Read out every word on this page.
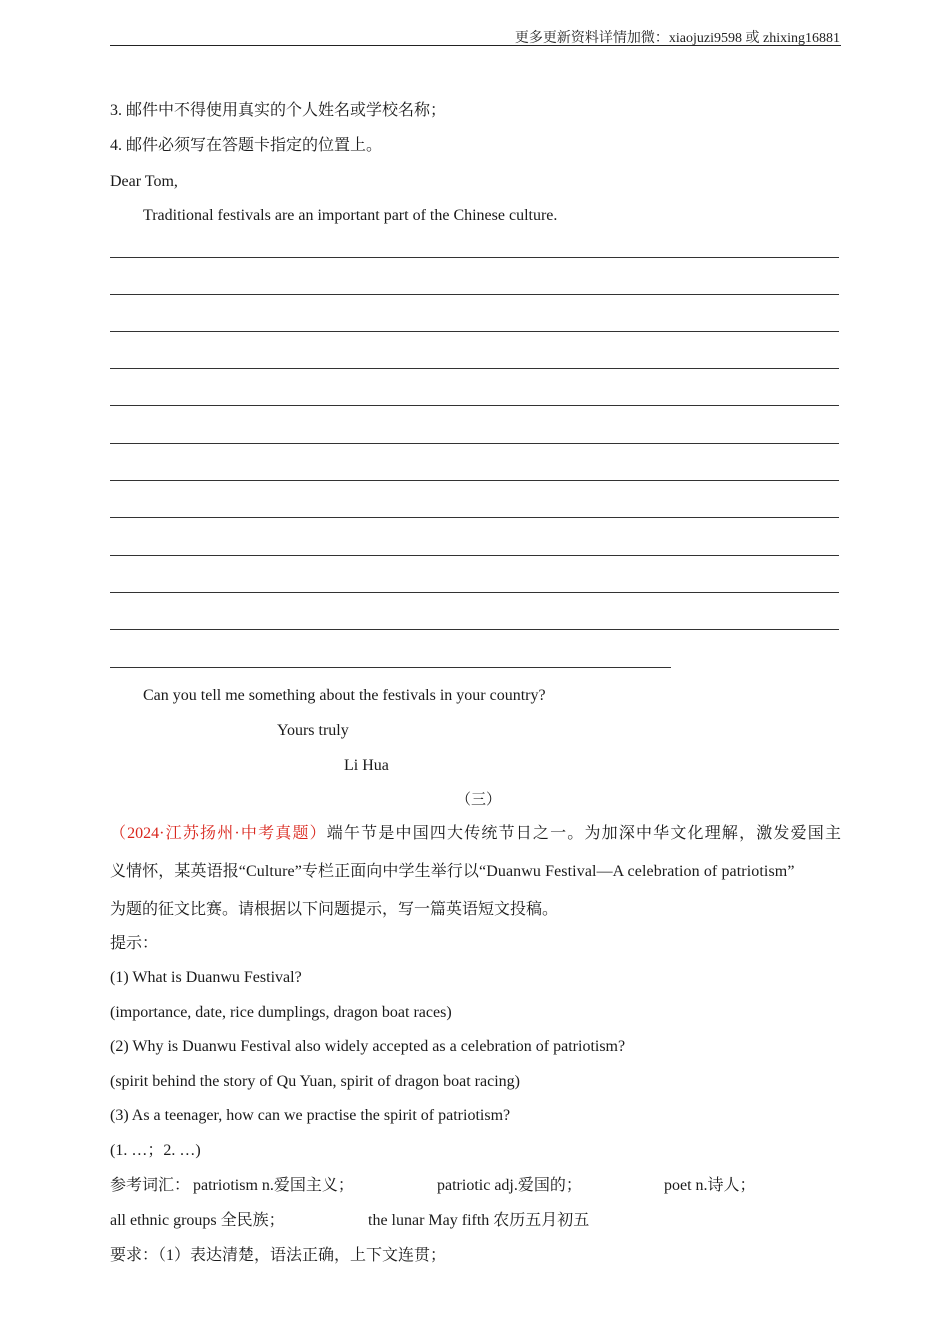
更多更新资料详情加微：xiaojuzi9598 或 zhixing16881
3. 邮件中不得使用真实的个人姓名或学校名称；
4. 邮件必须写在答题卡指定的位置上。
Dear Tom,
Traditional festivals are an important part of the Chinese culture.
Can you tell me something about the festivals in your country?
Yours truly
Li Hua
（三）
（2024·江苏扬州·中考真题）端午节是中国四大传统节日之一。为加深中华文化理解，激发爱国主
义情怀，某英语报“Culture”专栏正面向中学生举行以“Duanwu Festival—A celebration of patriotism”
为题的征文比赛。请根据以下问题提示，写一篇英语短文投稿。
提示：
(1) What is Duanwu Festival?
(importance, date, rice dumplings, dragon boat races)
(2) Why is Duanwu Festival also widely accepted as a celebration of patriotism?
(spirit behind the story of Qu Yuan, spirit of dragon boat racing)
(3) As a teenager, how can we practise the spirit of patriotism?
(1. …；2. …)
参考词汇： patriotism n.爱国主义；	patriotic adj.爱国的；	poet n.诗人；
all ethnic groups 全民族；	the lunar May fifth 农历五月初五
要求：（1）表达清楚，语法正确，上下文连贯；
